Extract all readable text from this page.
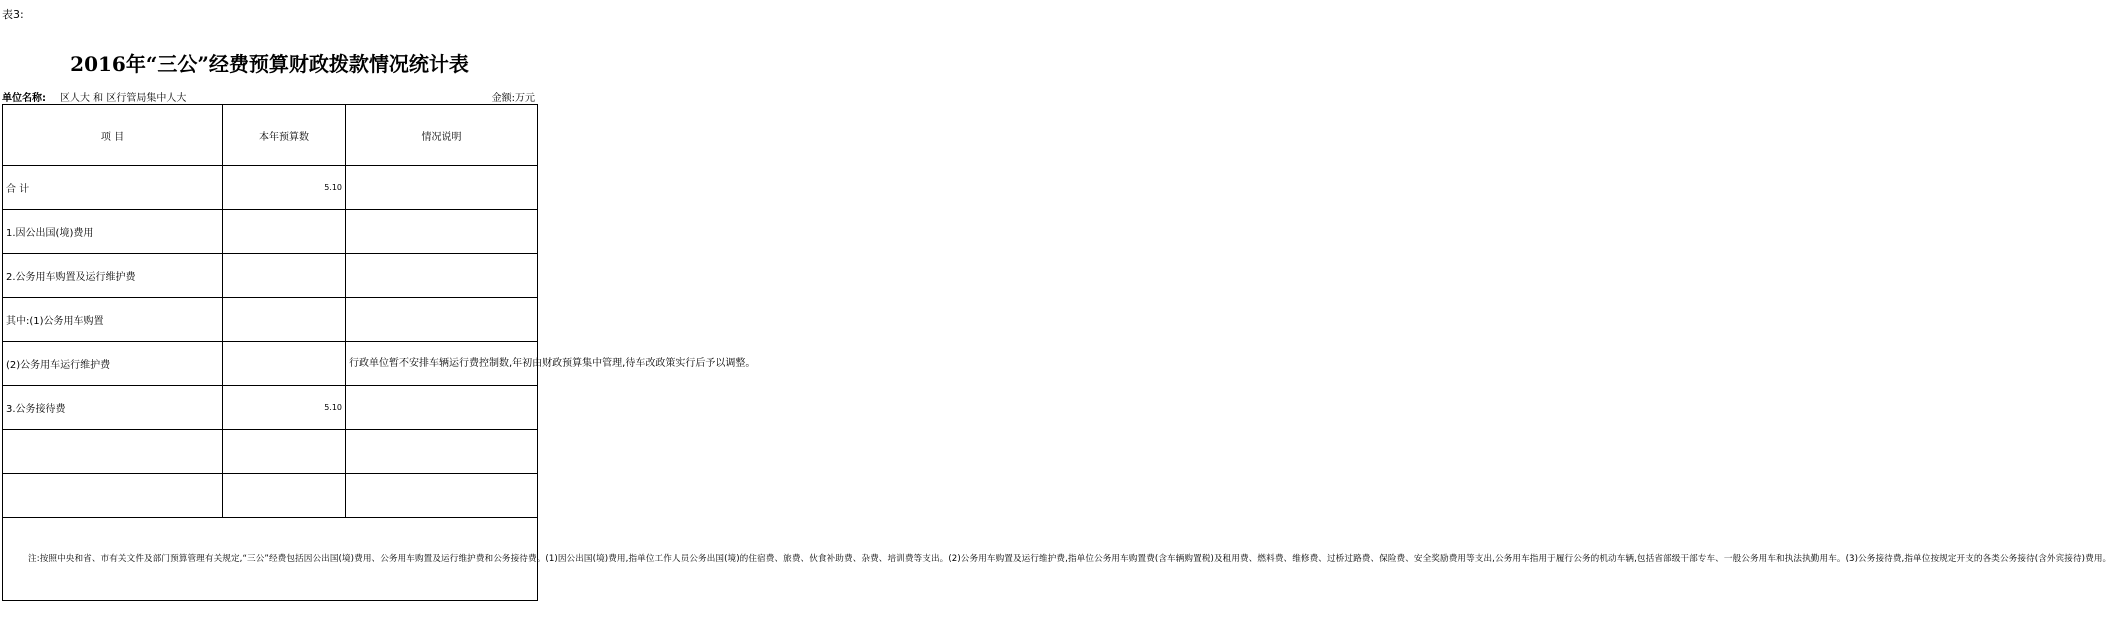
表3:
2016年“三公”经费预算财政拨款情况统计表
单位名称: 区人大 和 区行管局集中人大	金额:万元
项 目	本年预算数	情况说明
合 计	5.10	
1.因公出国(境)费用		
2.公务用车购置及运行维护费		
其中:(1)公务用车购置		
(2)公务用车运行维护费		行政单位暂不安排车辆运行费控制数,年初由财政预算集中管理,待车改政策实行后予以调整。
3.公务接待费	5.10	

注:按照中央和省、市有关文件及部门预算管理有关规定,“三公”经费包括因公出国(境)费用、公务用车购置及运行维护费和公务接待费。(1)因公出国(境)费用,指单位工作人员公务出国(境)的住宿费、旅费、伙食补助费、杂费、培训费等支出。(2)公务用车购置及运行维护费,指单位公务用车购置费(含车辆购置税)及租用费、燃料费、维修费、过桥过路费、保险费、安全奖励费用等支出,公务用车指用于履行公务的机动车辆,包括省部级干部专车、一般公务用车和执法执勤用车。(3)公务接待费,指单位按规定开支的各类公务接待(含外宾接待)费用。		
